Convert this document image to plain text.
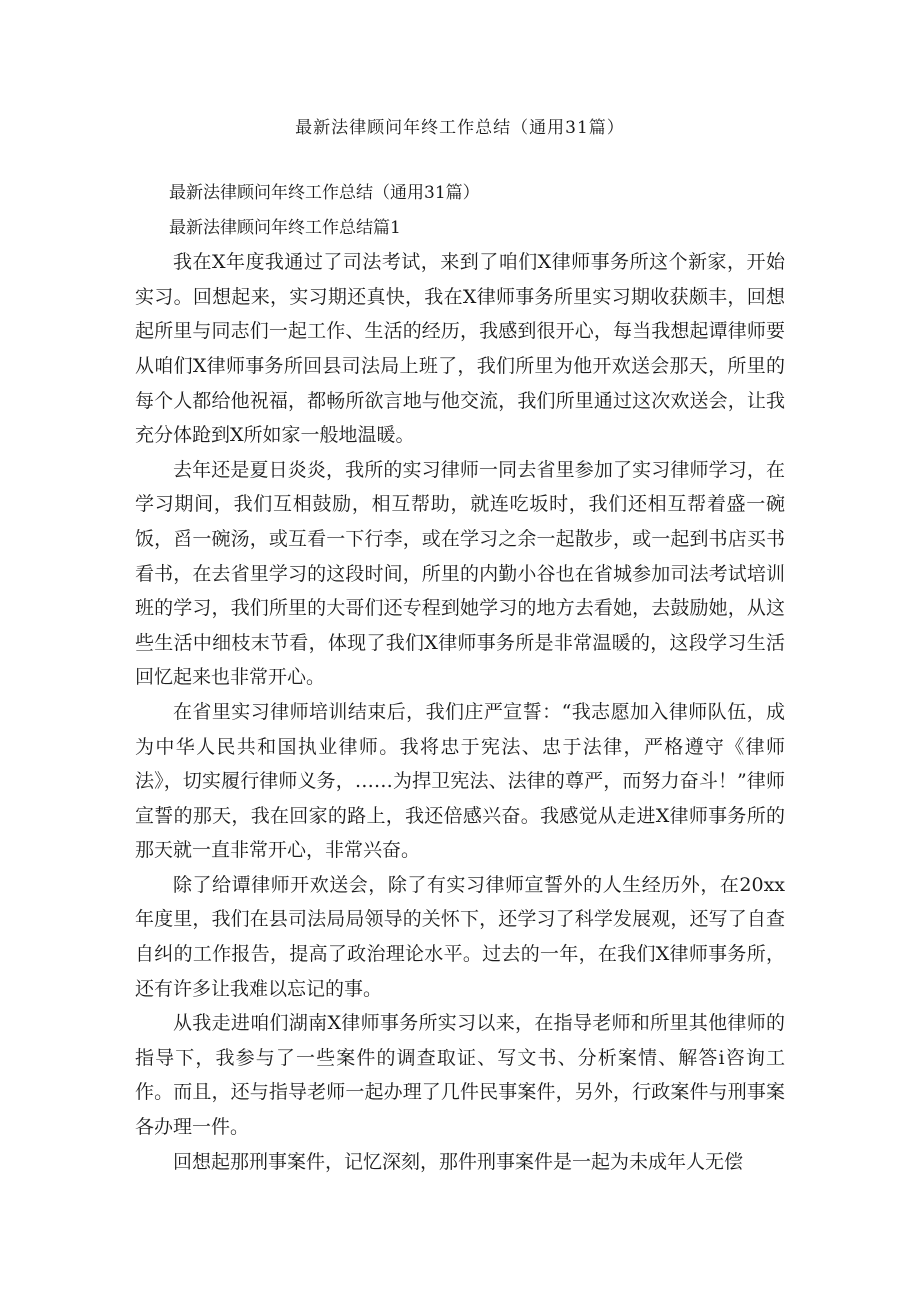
最新法律顾问年终工作总结（通用31篇）

最新法律顾问年终工作总结（通用31篇）

最新法律顾问年终工作总结篇1

我在X年度我通过了司法考试，来到了咱们X律师事务所这个新家，开始实习。回想起来，实习期还真快，我在X律师事务所里实习期收获颇丰，回想起所里与同志们一起工作、生活的经历，我感到很开心，每当我想起谭律师要从咱们X律师事务所回县司法局上班了，我们所里为他开欢送会那天，所里的每个人都给他祝福，都畅所欲言地与他交流，我们所里通过这次欢送会，让我充分体跄到X所如家一般地温暖。

去年还是夏日炎炎，我所的实习律师一同去省里参加了实习律师学习，在学习期间，我们互相鼓励，相互帮助，就连吃坂时，我们还相互帮着盛一碗饭，舀一碗汤，或互看一下行李，或在学习之余一起散步，或一起到书店买书看书，在去省里学习的这段时间，所里的内勤小谷也在省城参加司法考试培训班的学习，我们所里的大哥们还专程到她学习的地方去看她，去鼓励她，从这些生活中细枝末节看，体现了我们X律师事务所是非常温暖的，这段学习生活回忆起来也非常开心。

在省里实习律师培训结束后，我们庄严宣誓：“我志愿加入律师队伍，成为中华人民共和国执业律师。我将忠于宪法、忠于法律，严格遵守《律师法》，切实履行律师义务，……为捍卫宪法、法律的尊严，而努力奋斗！”律师宣誓的那天，我在回家的路上，我还倍感兴奋。我感觉从走进X律师事务所的那天就一直非常开心，非常兴奋。

除了给谭律师开欢送会，除了有实习律师宣誓外的人生经历外，在20xx年度里，我们在县司法局局领导的关怀下，还学习了科学发展观，还写了自查自纠的工作报告，提高了政治理论水平。过去的一年，在我们X律师事务所，还有许多让我难以忘记的事。

从我走进咱们湖南X律师事务所实习以来，在指导老师和所里其他律师的指导下，我参与了一些案件的调查取证、写文书、分析案情、解答i咨询工作。而且，还与指导老师一起办理了几件民事案件，另外，行政案件与刑事案各办理一件。

回想起那刑事案件，记忆深刻，那件刑事案件是一起为未成年人无偿
